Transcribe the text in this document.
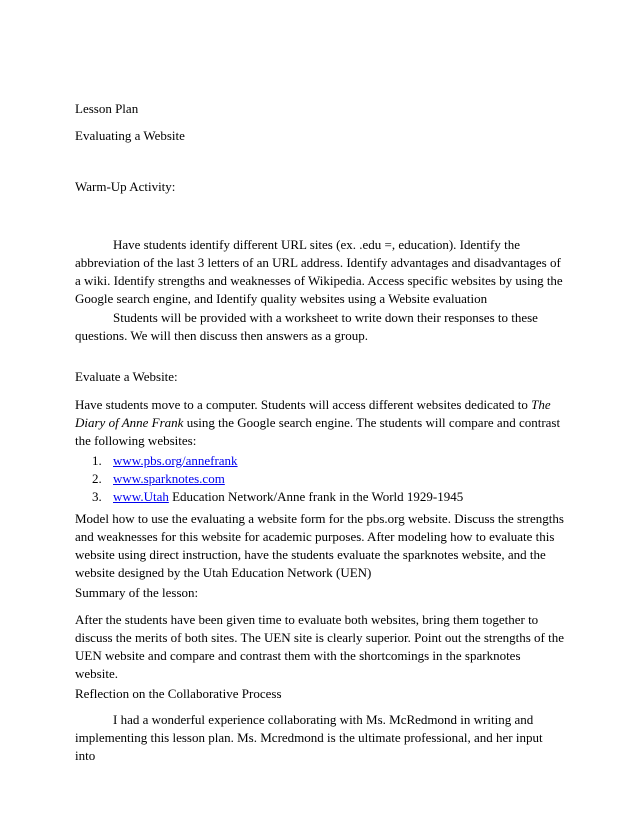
Lesson Plan

Evaluating a Website

Warm-Up Activity:

Have students identify different URL sites (ex. .edu =, education). Identify the abbreviation of the last 3 letters of an URL address. Identify advantages and disadvantages of a wiki. Identify strengths and weaknesses of Wikipedia. Access specific websites by using the Google search engine, and Identify quality websites using a Website evaluation

Students will be provided with a worksheet to write down their responses to these questions. We will then discuss then answers as a group.

Evaluate a Website:

Have students move to a computer. Students will access different websites dedicated to The Diary of Anne Frank using the Google search engine. The students will compare and contrast the following websites:

1. www.pbs.org/annefrank
2. www.sparknotes.com
3. www.Utah Education Network/Anne frank in the World 1929-1945

Model how to use the evaluating a website form for the pbs.org website. Discuss the strengths and weaknesses for this website for academic purposes. After modeling how to evaluate this website using direct instruction, have the students evaluate the sparknotes website, and the website designed by the Utah Education Network (UEN)

Summary of the lesson:

After the students have been given time to evaluate both websites, bring them together to discuss the merits of both sites. The UEN site is clearly superior. Point out the strengths of the UEN website and compare and contrast them with the shortcomings in the sparknotes website.

Reflection on the Collaborative Process

I had a wonderful experience collaborating with Ms. McRedmond in writing and implementing this lesson plan. Ms. Mcredmond is the ultimate professional, and her input into
